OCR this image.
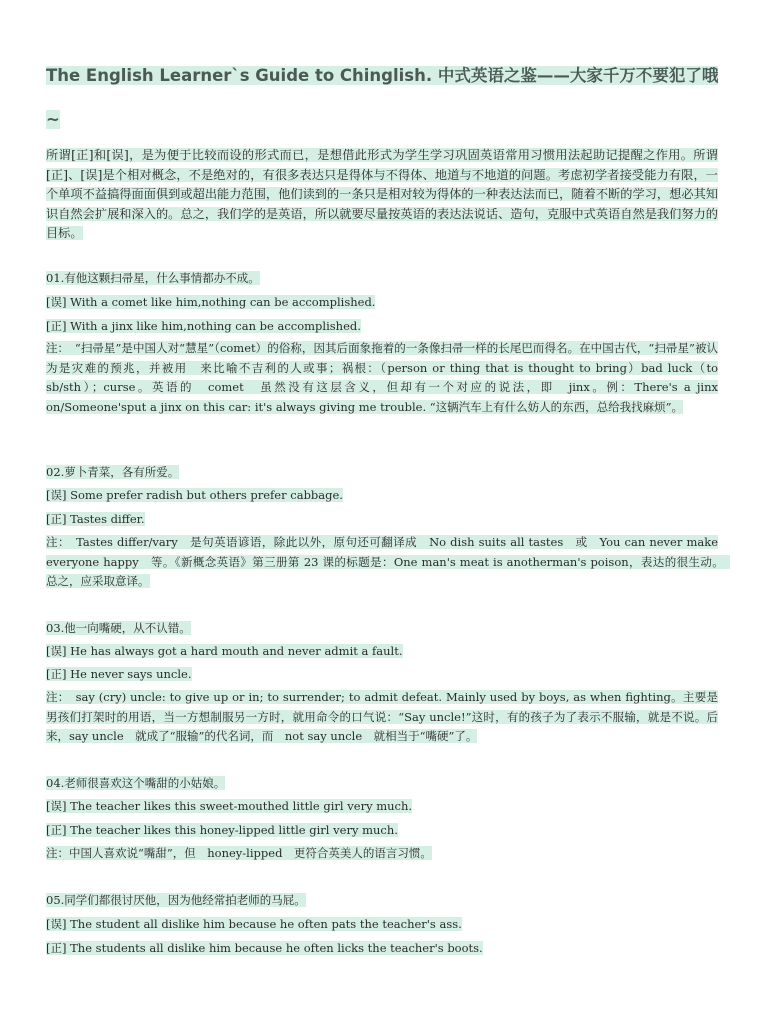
The English Learner`s Guide to Chinglish. 中式英语之鉴——大家千万不要犯了哦~
所谓[正]和[误]，是为便于比较而设的形式而已，是想借此形式为学生学习巩固英语常用习惯用法起助记提醒之作用。所谓[正]、[误]是个相对概念，不是绝对的，有很多表达只是得体与不得体、地道与不地道的问题。考虑初学者接受能力有限，一个单项不益搞得面面俱到或超出能力范围，他们读到的一条只是相对较为得体的一种表达法而已，随着不断的学习，想必其知识自然会扩展和深入的。总之，我们学的是英语，所以就要尽量按英语的表达法说话、造句，克服中式英语自然是我们努力的目标。
01.有他这颗扫帚星，什么事情都办不成。
[误] With a comet like him,nothing can be accomplished.
[正] With a jinx like him,nothing can be accomplished.
注：　“扫帚星”是中国人对“慧星”（comet）的俗称，因其后面象拖着的一条像扫帚一样的长尾巴而得名。在中国古代，“扫帚星”被认为是灾难的预兆，并被用　来比喻不吉利的人或事；祸根：（person or thing that is thought to bring）bad luck（to sb/sth）；curse。英语的　comet　虽然没有这层含义，但却有一个对应的说法，即　jinx。例：There's a jinx on/Someone'sput a jinx on this car: it's always giving me trouble. “这辆汽车上有什么妨人的东西，总给我找麻烦”。
02.萝卜青菜，各有所爱。
[误] Some prefer radish but others prefer cabbage.
[正] Tastes differ.
注：　Tastes differ/vary　是句英语谚语，除此以外，原句还可翻译成　No dish suits all tastes　或　You can never make everyone happy　等。《新概念英语》第三册第 23 课的标题是：One man's meat is anotherman's poison，表达的很生动。　总之，应采取意译。
03.他一向嘴硬，从不认错。
[误] He has always got a hard mouth and never admit a fault.
[正] He never says uncle.
注：　say (cry) uncle: to give up or in; to surrender; to admit defeat. Mainly used by boys, as when fighting。主要是男孩们打架时的用语，当一方想制服另一方时，就用命令的口气说：“Say uncle!”这时，有的孩子为了表示不服输，就是不说。后来，say uncle　就成了“服输”的代名词，而　not say uncle　就相当于“嘴硬”了。
04.老师很喜欢这个嘴甜的小姑娘。
[误] The teacher likes this sweet-mouthed little girl very much.
[正] The teacher likes this honey-lipped little girl very much.
注：中国人喜欢说“嘴甜”，但　honey-lipped　更符合英美人的语言习惯。
05.同学们都很讨厌他，因为他经常拍老师的马屁。
[误] The student all dislike him because he often pats the teacher's ass.
[正] The students all dislike him because he often licks the teacher's boots.
